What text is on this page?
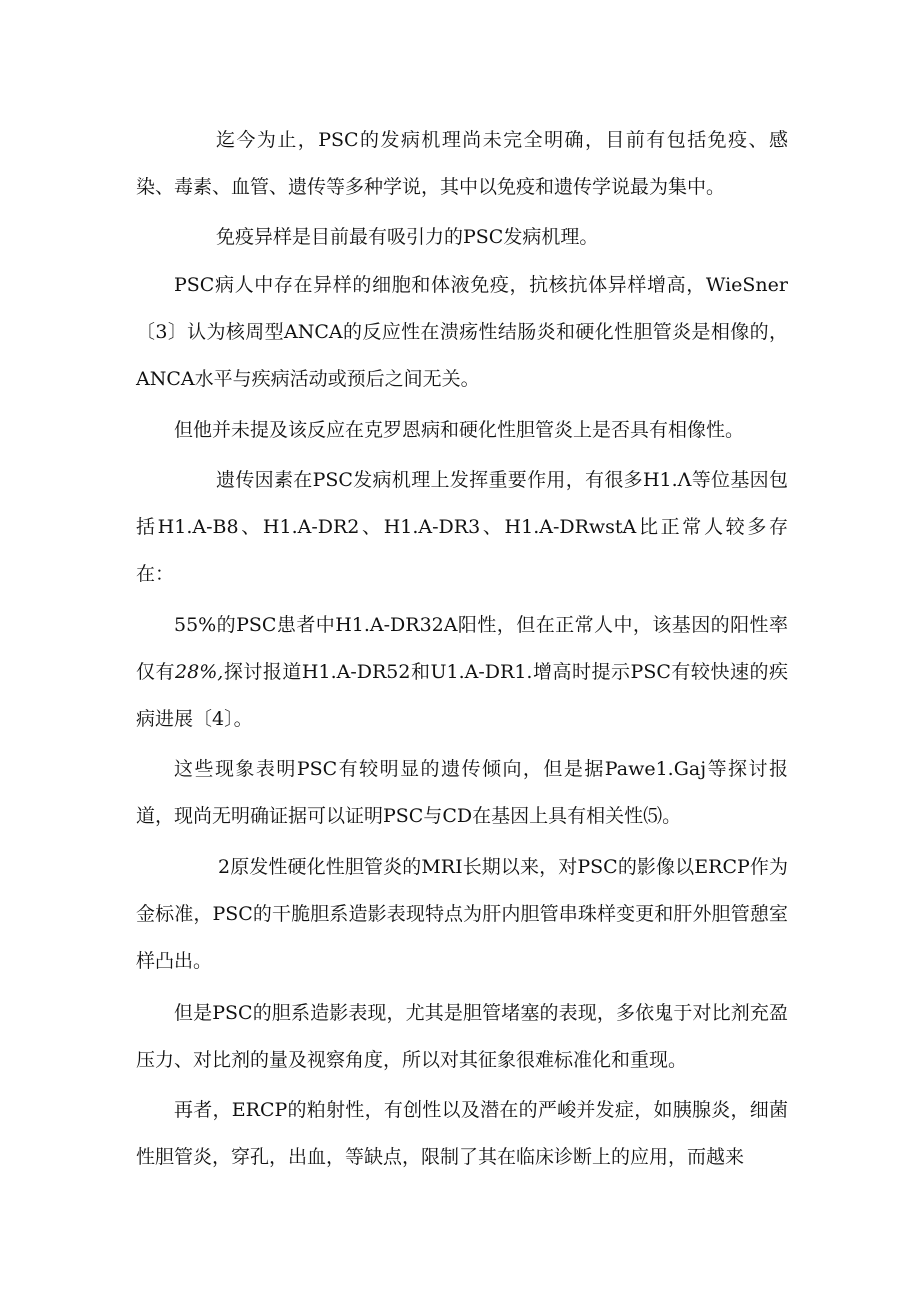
迄今为止，PSC的发病机理尚未完全明确，目前有包括免疫、感染、毒素、血管、遗传等多种学说，其中以免疫和遗传学说最为集中。

免疫异样是目前最有吸引力的PSC发病机理。

PSC病人中存在异样的细胞和体液免疫，抗核抗体异样增高，WieSner〔3〕认为核周型ANCA的反应性在溃疡性结肠炎和硬化性胆管炎是相像的，ANCA水平与疾病活动或预后之间无关。

但他并未提及该反应在克罗恩病和硬化性胆管炎上是否具有相像性。

遗传因素在PSC发病机理上发挥重要作用，有很多H1.Λ等位基因包括H1.A-B8、H1.A-DR2、H1.A-DR3、H1.A-DRwstA比正常人较多存在：

55%的PSC患者中H1.A-DR32A阳性，但在正常人中，该基因的阳性率仅有28%,探讨报道H1.A-DR52和U1.A-DR1.增高时提示PSC有较快速的疾病进展〔4〕。

这些现象表明PSC有较明显的遗传倾向，但是据Pawe1.Gaj等探讨报道，现尚无明确证据可以证明PSC与CD在基因上具有相关性⑸。

2原发性硬化性胆管炎的MRI长期以来，对PSC的影像以ERCP作为金标准，PSC的干脆胆系造影表现特点为肝内胆管串珠样变更和肝外胆管憩室样凸出。

但是PSC的胆系造影表现，尤其是胆管堵塞的表现，多依鬼于对比剂充盈压力、对比剂的量及视察角度，所以对其征象很难标准化和重现。

再者，ERCP的粕射性，有创性以及潜在的严峻并发症，如胰腺炎，细菌性胆管炎，穿孔，出血，等缺点，限制了其在临床诊断上的应用，而越来
